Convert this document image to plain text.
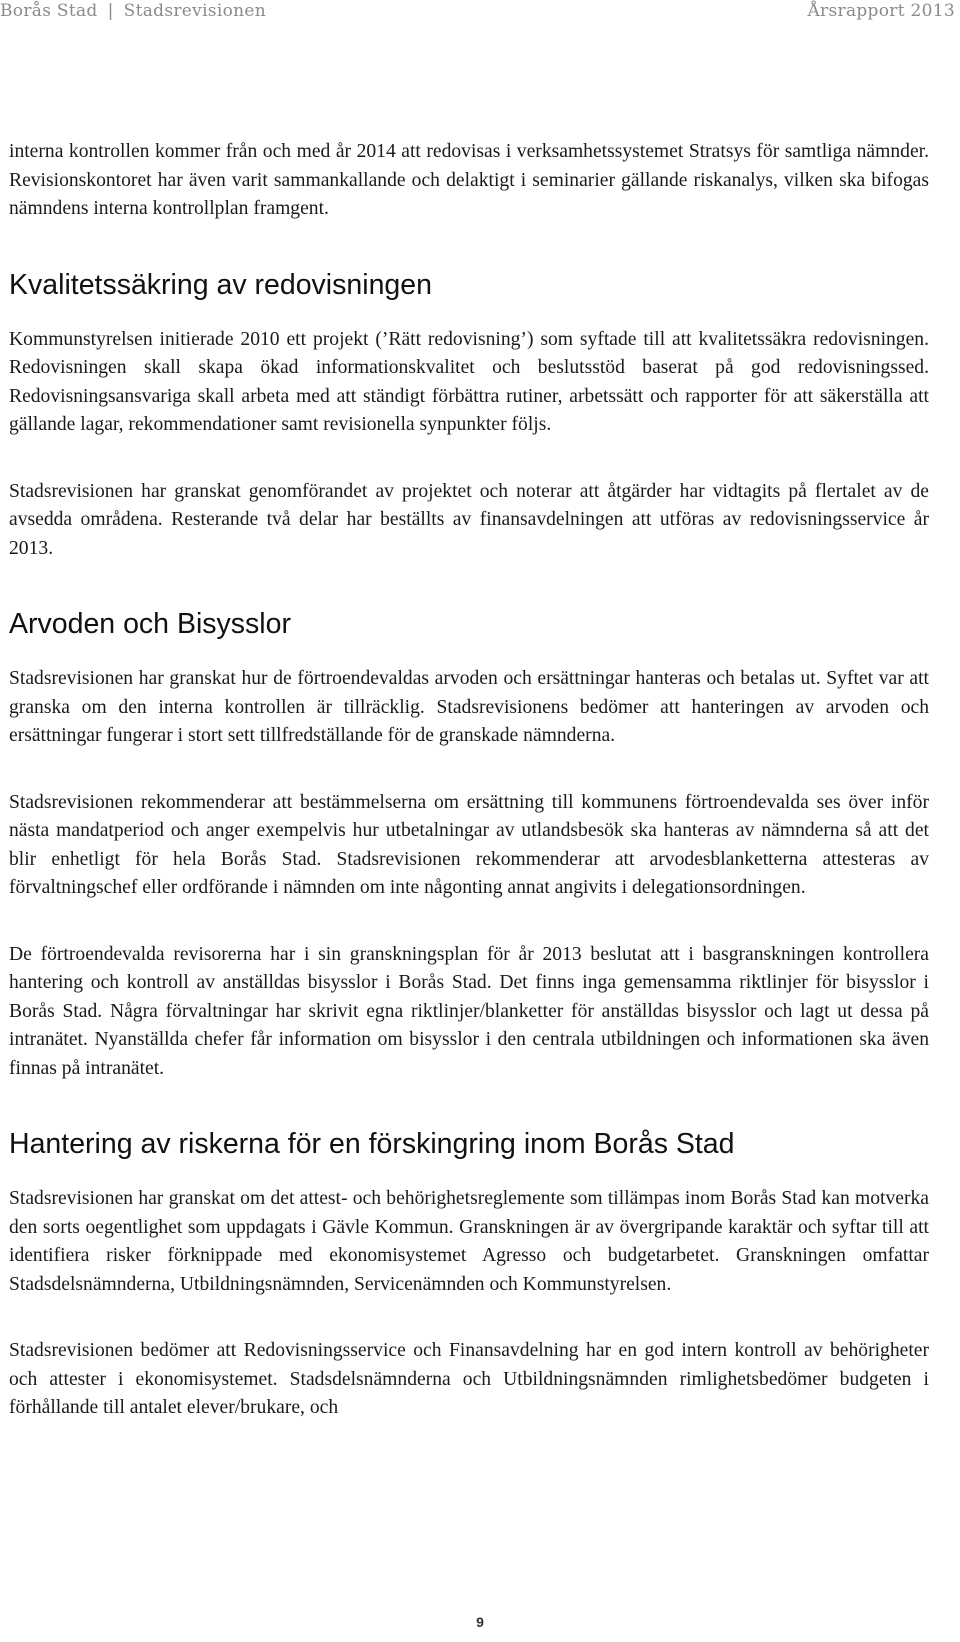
Borås Stad | Stadsrevisionen	Årsrapport 2013

interna kontrollen kommer från och med år 2014 att redovisas i verksamhetssystemet Stratsys för samtliga nämnder. Revisionskontoret har även varit sammankallande och delaktigt i seminarier gällande riskanalys, vilken ska bifogas nämndens interna kontrollplan framgent.

Kvalitetssäkring av redovisningen

Kommunstyrelsen initierade 2010 ett projekt (’Rätt redovisning’) som syftade till att kvalitetssäkra redovisningen. Redovisningen skall skapa ökad informationskvalitet och beslutsstöd baserat på god redovisningssed. Redovisningsansvariga skall arbeta med att ständigt förbättra rutiner, arbetssätt och rapporter för att säkerställa att gällande lagar, rekommendationer samt revisionella synpunkter följs.

Stadsrevisionen har granskat genomförandet av projektet och noterar att åtgärder har vidtagits på flertalet av de avsedda områdena. Resterande två delar har beställts av finansavdelningen att utföras av redovisningsservice år 2013.

Arvoden och Bisysslor

Stadsrevisionen har granskat hur de förtroendevaldas arvoden och ersättningar hanteras och betalas ut. Syftet var att granska om den interna kontrollen är tillräcklig. Stadsrevisionens bedömer att hanteringen av arvoden och ersättningar fungerar i stort sett tillfredställande för de granskade nämnderna.

Stadsrevisionen rekommenderar att bestämmelserna om ersättning till kommunens förtroendevalda ses över inför nästa mandatperiod och anger exempelvis hur utbetalningar av utlandsbesök ska hanteras av nämnderna så att det blir enhetligt för hela Borås Stad. Stadsrevisionen rekommenderar att arvodesblanketterna attesteras av förvaltningschef eller ordförande i nämnden om inte någonting annat angivits i delegationsordningen.

De förtroendevalda revisorerna har i sin granskningsplan för år 2013 beslutat att i basgranskningen kontrollera hantering och kontroll av anställdas bisysslor i Borås Stad. Det finns inga gemensamma riktlinjer för bisysslor i Borås Stad. Några förvaltningar har skrivit egna riktlinjer/blanketter för anställdas bisysslor och lagt ut dessa på intranätet. Nyanställda chefer får information om bisysslor i den centrala utbildningen och informationen ska även finnas på intranätet.

Hantering av riskerna för en förskingring inom Borås Stad

Stadsrevisionen har granskat om det attest- och behörighetsreglemente som tillämpas inom Borås Stad kan motverka den sorts oegentlighet som uppdagats i Gävle Kommun. Granskningen är av övergripande karaktär och syftar till att identifiera risker förknippade med ekonomisystemet Agresso och budgetarbetet. Granskningen omfattar Stadsdelsnämnderna, Utbildningsnämnden, Servicenämnden och Kommunstyrelsen.

Stadsrevisionen bedömer att Redovisningsservice och Finansavdelning har en god intern kontroll av behörigheter och attester i ekonomisystemet. Stadsdelsnämnderna och Utbildningsnämnden rimlighetsbedömer budgeten i förhållande till antalet elever/brukare, och

9
